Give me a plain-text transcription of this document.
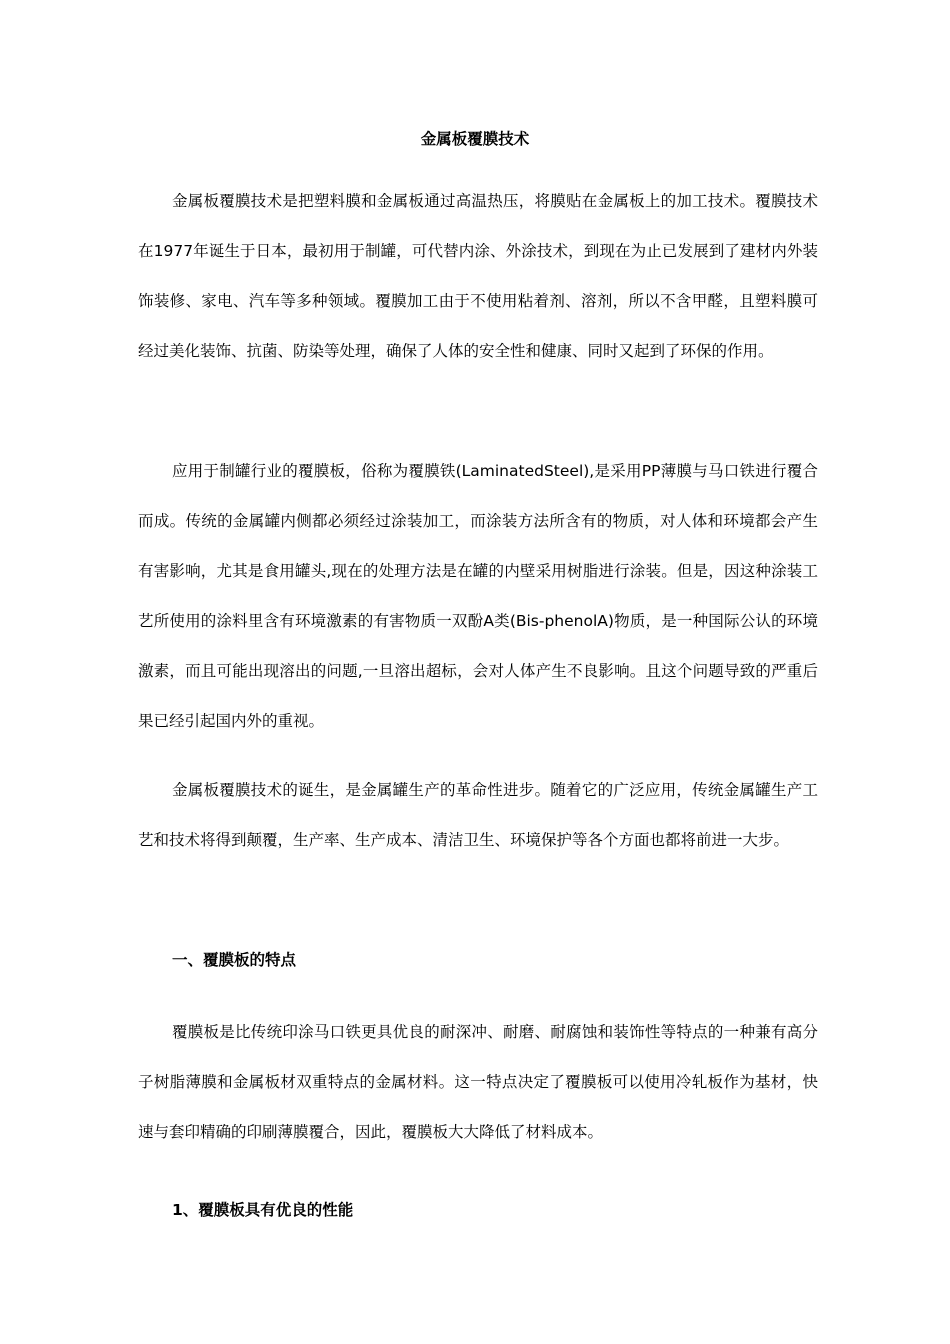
金属板覆膜技术

金属板覆膜技术是把塑料膜和金属板通过高温热压，将膜贴在金属板上的加工技术。覆膜技术在1977年诞生于日本，最初用于制罐，可代替内涂、外涂技术，到现在为止已发展到了建材内外装饰装修、家电、汽车等多种领域。覆膜加工由于不使用粘着剂、溶剂，所以不含甲醛，且塑料膜可经过美化装饰、抗菌、防染等处理，确保了人体的安全性和健康、同时又起到了环保的作用。

应用于制罐行业的覆膜板，俗称为覆膜铁(LaminatedSteel),是采用PP薄膜与马口铁进行覆合而成。传统的金属罐内侧都必须经过涂装加工，而涂装方法所含有的物质，对人体和环境都会产生有害影响，尤其是食用罐头,现在的处理方法是在罐的内壁采用树脂进行涂装。但是，因这种涂装工艺所使用的涂料里含有环境激素的有害物质一双酚A类(Bis-phenolA)物质，是一种国际公认的环境激素，而且可能出现溶出的问题,一旦溶出超标，会对人体产生不良影响。且这个问题导致的严重后果已经引起国内外的重视。

金属板覆膜技术的诞生，是金属罐生产的革命性进步。随着它的广泛应用，传统金属罐生产工艺和技术将得到颠覆，生产率、生产成本、清洁卫生、环境保护等各个方面也都将前进一大步。

一、覆膜板的特点

覆膜板是比传统印涂马口铁更具优良的耐深冲、耐磨、耐腐蚀和装饰性等特点的一种兼有高分子树脂薄膜和金属板材双重特点的金属材料。这一特点决定了覆膜板可以使用冷轧板作为基材，快速与套印精确的印刷薄膜覆合，因此，覆膜板大大降低了材料成本。

1、覆膜板具有优良的性能
